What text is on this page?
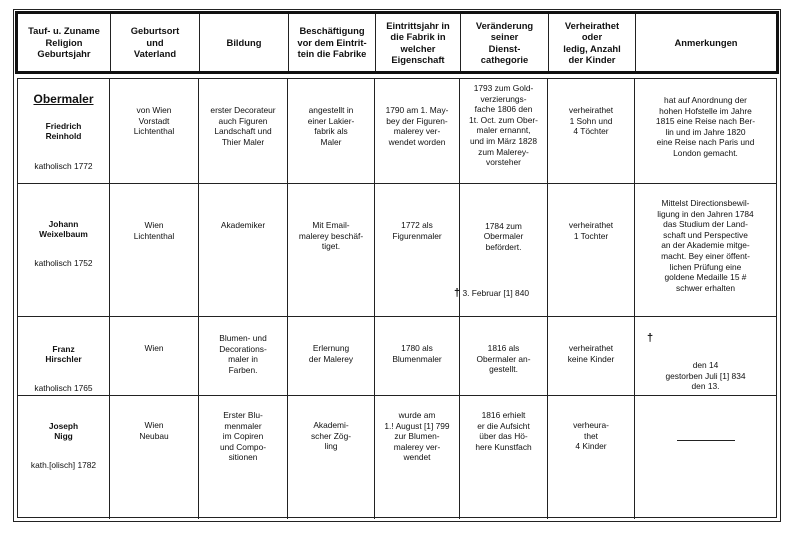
Tauf- u. Zuname
Religion
Geburtsjahr
Geburtsort
und
Vaterland
Bildung
Beschäftigung
vor dem Eintrit-
tein die Fabrike
Eintrittsjahr in
die Fabrik in
welcher
Eigenschaft
Veränderung
seiner
Dienst-
cathegorie
Verheirathet
oder
ledig, Anzahl
der Kinder
Anmerkungen

Obermaler

Friedrich
Reinhold

katholisch 1772

von Wien
Vorstadt
Lichtenthal
erster Decorateur
auch Figuren
Landschaft und
Thier Maler
angestellt in
einer Lakier-
fabrik als
Maler
1790 am 1. May-
bey der Figuren-
malerey ver-
wendet worden
1793 zum Gold-
verzierungs-
fache 1806 den
1t. Oct. zum Ober-
maler ernannt,
und im März 1828
zum Malerey-
vorsteher
verheirathet
1 Sohn und
4 Töchter
hat auf Anordnung der
hohen Hofstelle im Jahre
1815 eine Reise nach Ber-
lin und im Jahre 1820
eine Reise nach Paris und
London gemacht.

Johann
Weixelbaum

katholisch 1752

Wien
Lichtenthal
Akademiker	Mit Email-
malerey beschäf-
tiget.
1772 als
Figurenmaler

1784 zum
Obermaler
befördert.

† 3. Februar [1] 840

verheirathet
1 Tochter
Mittelst Directionsbewil-
ligung in den Jahren 1784
das Studium der Land-
schaft und Perspective
an der Akademie mitge-
macht. Bey einer öffent-
lichen Prüfung eine
goldene Medaille 15 #
schwer erhalten

Franz
Hirschler

katholisch 1765

Wien
Blumen- und
Decorations-
maler in
Farben.
Erlernung
der Malerey
1780 als
Blumenmaler
1816 als
Obermaler an-
gestellt.
verheirathet
keine Kinder

†

den 14
gestorben Juli [1] 834
den 13.

Joseph
Nigg

kath.[olisch] 1782

Wien
Neubau
Erster Blu-
menmaler
im Copiren
und Compo-
sitionen
Akademi-
scher Zög-
ling
wurde am
1.! August [1] 799
zur Blumen-
malerey ver-
wendet
1816 erhielt
er die Aufsicht
über das Hö-
here Kunstfach
verheura-
thet
4 Kinder
